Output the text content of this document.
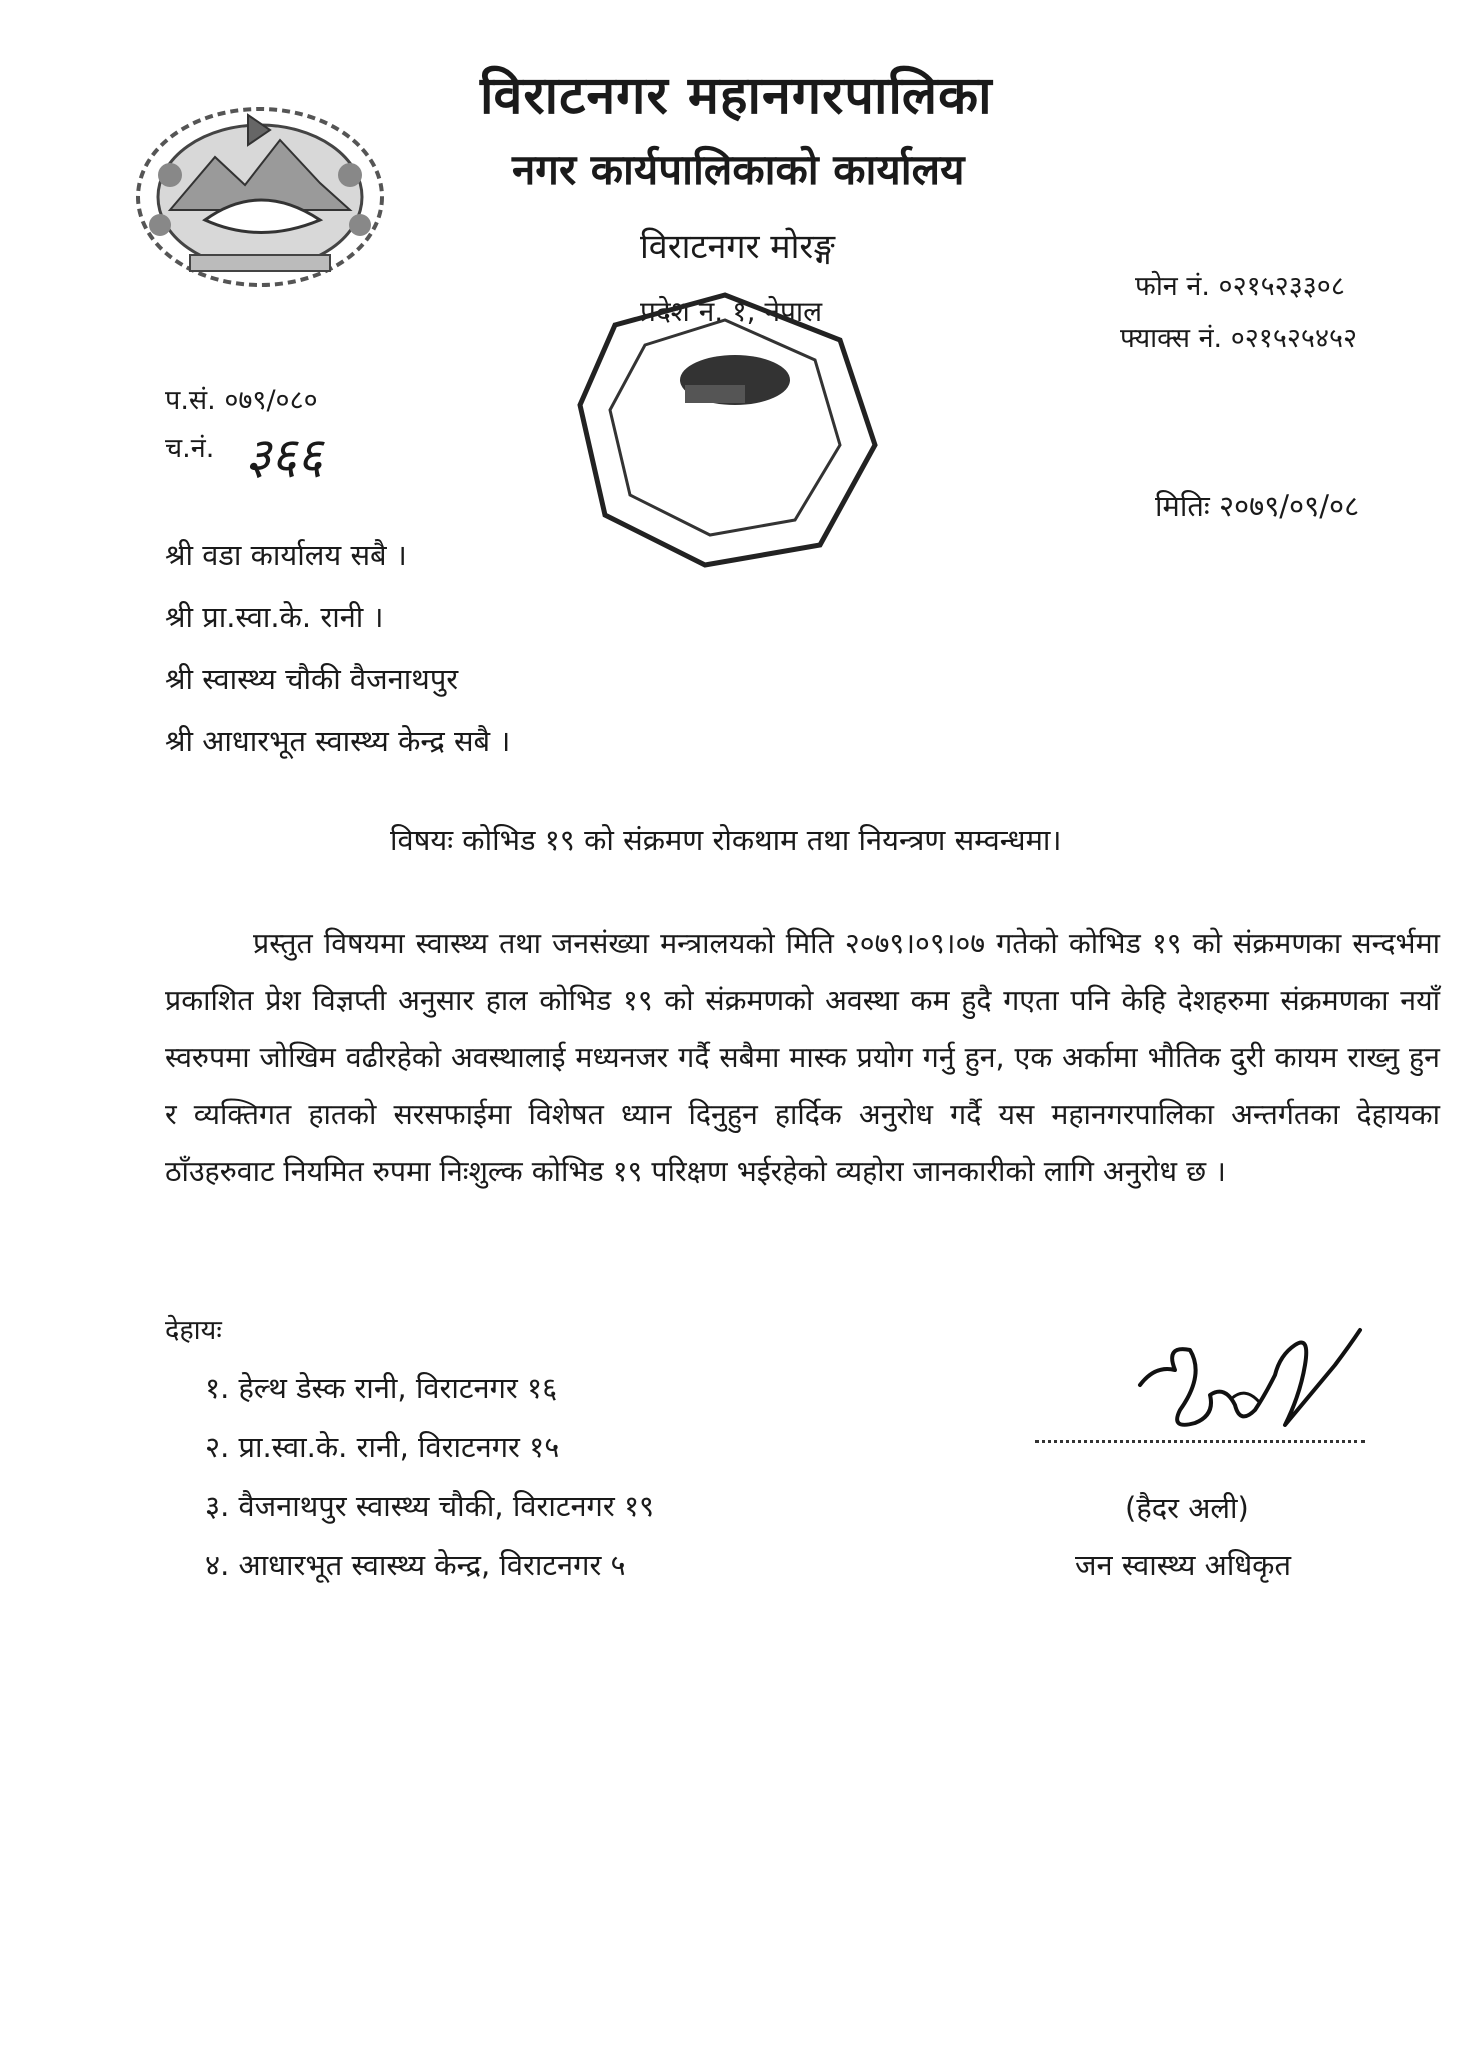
विराटनगर महानगरपालिका
नगर कार्यपालिकाको कार्यालय
विराटनगर मोरङ्ग
प्रदेश नं. १, नेपाल
फोन नं. ०२१५२३३०८
फ्याक्स नं. ०२१५२५४५२
प.सं. ०७९/०८०
च.नं. ३६६
मितिः २०७९/०९/०८
श्री वडा कार्यालय सबै ।
श्री प्रा.स्वा.के. रानी ।
श्री स्वास्थ्य चौकी वैजनाथपुर
श्री आधारभूत स्वास्थ्य केन्द्र सबै ।
विषयः कोभिड १९ को संक्रमण रोकथाम तथा नियन्त्रण सम्वन्धमा।

प्रस्तुत विषयमा स्वास्थ्य तथा जनसंख्या मन्त्रालयको मिति २०७९।०९।०७ गतेको कोभिड १९ को संक्रमणका सन्दर्भमा प्रकाशित प्रेश विज्ञप्ती अनुसार हाल कोभिड १९ को संक्रमणको अवस्था कम हुदै गएता पनि केहि देशहरुमा संक्रमणका नयाँ स्वरुपमा जोखिम वढीरहेको अवस्थालाई मध्यनजर गर्दै सबैमा मास्क प्रयोग गर्नु हुन, एक अर्कामा भौतिक दुरी कायम राख्नु हुन र व्यक्तिगत हातको सरसफाईमा विशेषत ध्यान दिनुहुन हार्दिक अनुरोध गर्दै यस महानगरपालिका अन्तर्गतका देहायका ठाँउहरुवाट नियमित रुपमा निःशुल्क कोभिड १९ परिक्षण भईरहेको व्यहोरा जानकारीको लागि अनुरोध छ ।

देहायः
१. हेल्थ डेस्क रानी, विराटनगर १६
२. प्रा.स्वा.के. रानी, विराटनगर १५
३. वैजनाथपुर स्वास्थ्य चौकी, विराटनगर १९
४. आधारभूत स्वास्थ्य केन्द्र, विराटनगर ५
(हैदर अली)
जन स्वास्थ्य अधिकृत
